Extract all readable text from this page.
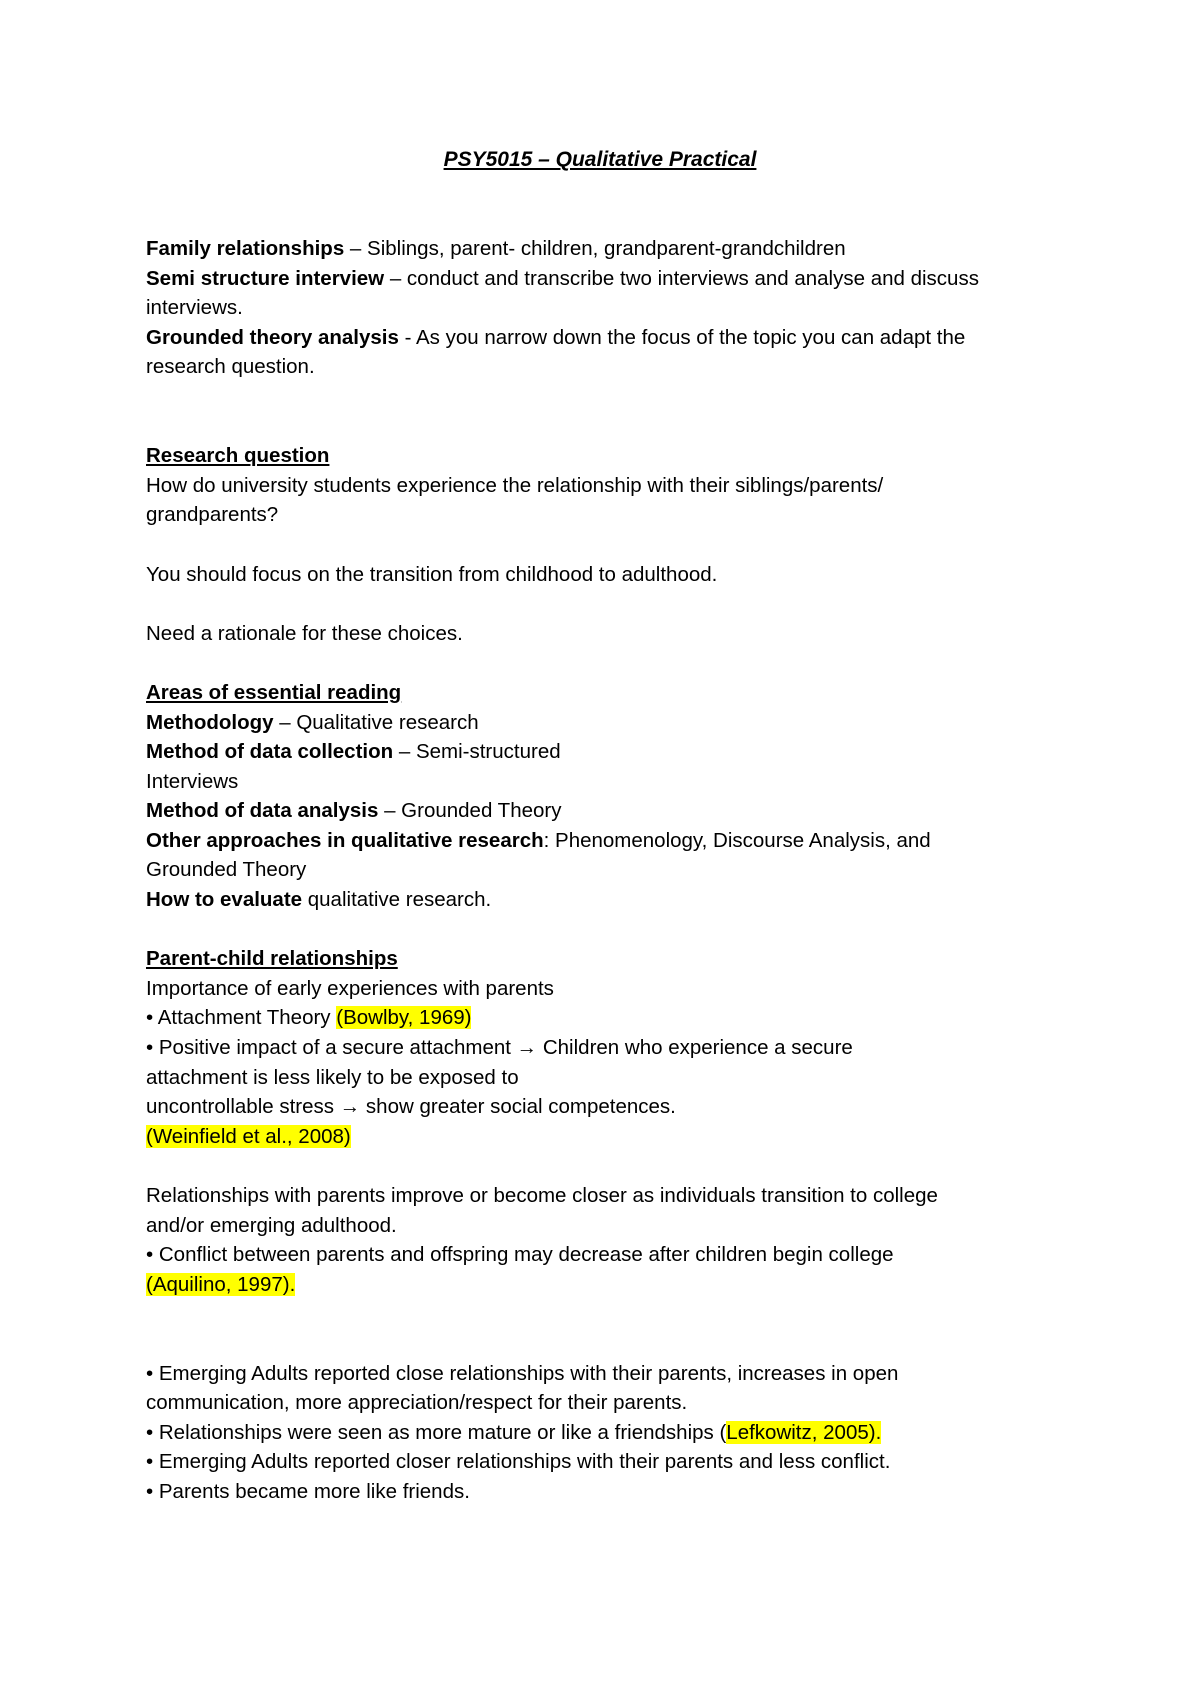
PSY5015 – Qualitative Practical
Family relationships – Siblings, parent- children, grandparent-grandchildren
Semi structure interview – conduct and transcribe two interviews and analyse and discuss
interviews.
Grounded theory analysis - As you narrow down the focus of the topic you can adapt the
research question.
Research question
How do university students experience the relationship with their siblings/parents/
grandparents?
You should focus on the transition from childhood to adulthood.
Need a rationale for these choices.
Areas of essential reading
Methodology – Qualitative research
Method of data collection – Semi-structured
Interviews
Method of data analysis – Grounded Theory
Other approaches in qualitative research: Phenomenology, Discourse Analysis, and
Grounded Theory
How to evaluate qualitative research.
Parent-child relationships
Importance of early experiences with parents
• Attachment Theory (Bowlby, 1969)
• Positive impact of a secure attachment → Children who experience a secure
attachment is less likely to be exposed to
uncontrollable stress → show greater social competences.
(Weinfield et al., 2008)
Relationships with parents improve or become closer as individuals transition to college
and/or emerging adulthood.
• Conflict between parents and offspring may decrease after children begin college
(Aquilino, 1997).
• Emerging Adults reported close relationships with their parents, increases in open
communication, more appreciation/respect for their parents.
• Relationships were seen as more mature or like a friendships (Lefkowitz, 2005).
• Emerging Adults reported closer relationships with their parents and less conflict.
• Parents became more like friends.
